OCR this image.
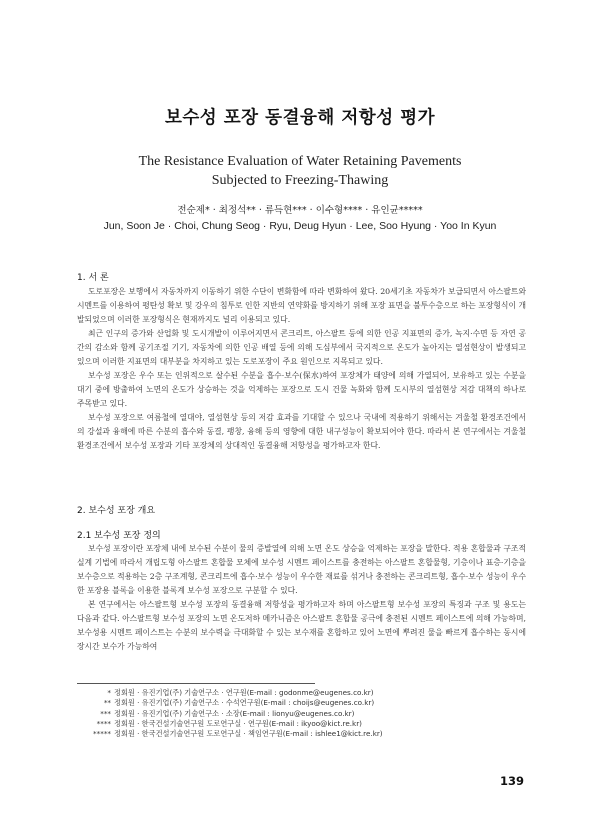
보수성 포장 동결융해 저항성 평가
The Resistance Evaluation of Water Retaining Pavements
Subjected to Freezing-Thawing
전순제* · 최정석** · 류득현*** · 이수형**** · 유인균*****
Jun, Soon Je · Choi, Chung Seog · Ryu, Deug Hyun · Lee, Soo Hyung · Yoo In Kyun
1. 서 론

도로포장은 보행에서 자동차까지 이동하기 위한 수단이 변화함에 따라 변화하여 왔다. 20세기초 자동차가 보급되면서 아스팔트와 시멘트를 이용하여 평탄성 확보 및 강우의 침투로 인한 지반의 연약화를 방지하기 위해 포장 표면을 불투수층으로 하는 포장형식이 개발되었으며 이러한 포장형식은 현재까지도 널리 이용되고 있다.

최근 인구의 증가와 산업화 및 도시개발이 이루어지면서 콘크리트, 아스팔트 등에 의한 인공 지표면의 증가, 녹지·수면 등 자연 공간의 감소와 함께 공기조절 기기, 자동차에 의한 인공 배열 등에 의해 도심부에서 국지적으로 온도가 높아지는 열섬현상이 발생되고 있으며 이러한 지표면의 대부분을 차지하고 있는 도로포장이 주요 원인으로 지목되고 있다.

보수성 포장은 우수 또는 인위적으로 살수된 수분을 흡수·보수(保水)하여 포장체가 태양에 의해 가열되어, 보유하고 있는 수분을 대기 중에 방출하여 노면의 온도가 상승하는 것을 억제하는 포장으로 도시 건물 녹화와 함께 도시부의 열섬현상 저감 대책의 하나로 주목받고 있다.

보수성 포장으로 여름철에 열대야, 열섬현상 등의 저감 효과를 기대할 수 있으나 국내에 적용하기 위해서는 겨울철 환경조건에서의 강설과 융해에 따른 수분의 흡수와 동결, 팽창, 융해 등의 영향에 대한 내구성능이 확보되어야 한다. 따라서 본 연구에서는 겨울철 환경조건에서 보수성 포장과 기타 포장체의 상대적인 동결융해 저항성을 평가하고자 한다.

2. 보수성 포장 개요
2.1 보수성 포장 정의

보수성 포장이란 포장체 내에 보수된 수분이 물의 증발열에 의해 노면 온도 상승을 억제하는 포장을 말한다. 적용 혼합물과 구조적 실계 기법에 따라서 개립도형 아스팔트 혼합물 모체에 보수성 시멘트 페이스트를 충전하는 아스팔트 혼합물형, 기층이나 표층·기층을 보수층으로 적용하는 2층 구조계형, 콘크리트에 흡수·보수 성능이 우수한 재료를 섞거나 충전하는 콘크리트형, 흡수·보수 성능이 우수한 포장용 블록을 이용한 블록계 보수성 포장으로 구분할 수 있다.

본 연구에서는 아스팔트형 보수성 포장의 동결융해 저항성을 평가하고자 하며 아스팔트형 보수성 포장의 특징과 구조 및 용도는 다음과 같다. 아스팔트형 보수성 포장의 노면 온도저하 메카니즘은 아스팔트 혼합물 공극에 충전된 시멘트 페이스트에 의해 가능하며, 보수성용 시멘트 페이스트는 수분의 보수력을 극대화할 수 있는 보수재를 혼합하고 있어 노면에 뿌려진 물을 빠르게 흡수하는 동시에 장시간 보수가 가능하여

* 정회원 · 유진기업(주) 기술연구소 · 연구원(E-mail : godonme@eugenes.co.kr)
** 정회원 · 유진기업(주) 기술연구소 · 수석연구원(E-mail : choijs@eugenes.co.kr)
*** 정회원 · 유진기업(주) 기술연구소 · 소장(E-mail : lionyu@eugenes.co.kr)
**** 정회원 · 한국건설기술연구원 도로연구실 · 연구원(E-mail : ikyoo@kict.re.kr)
***** 정회원 · 한국건설기술연구원 도로연구실 · 책임연구원(E-mail : ishlee1@kict.re.kr)
139
